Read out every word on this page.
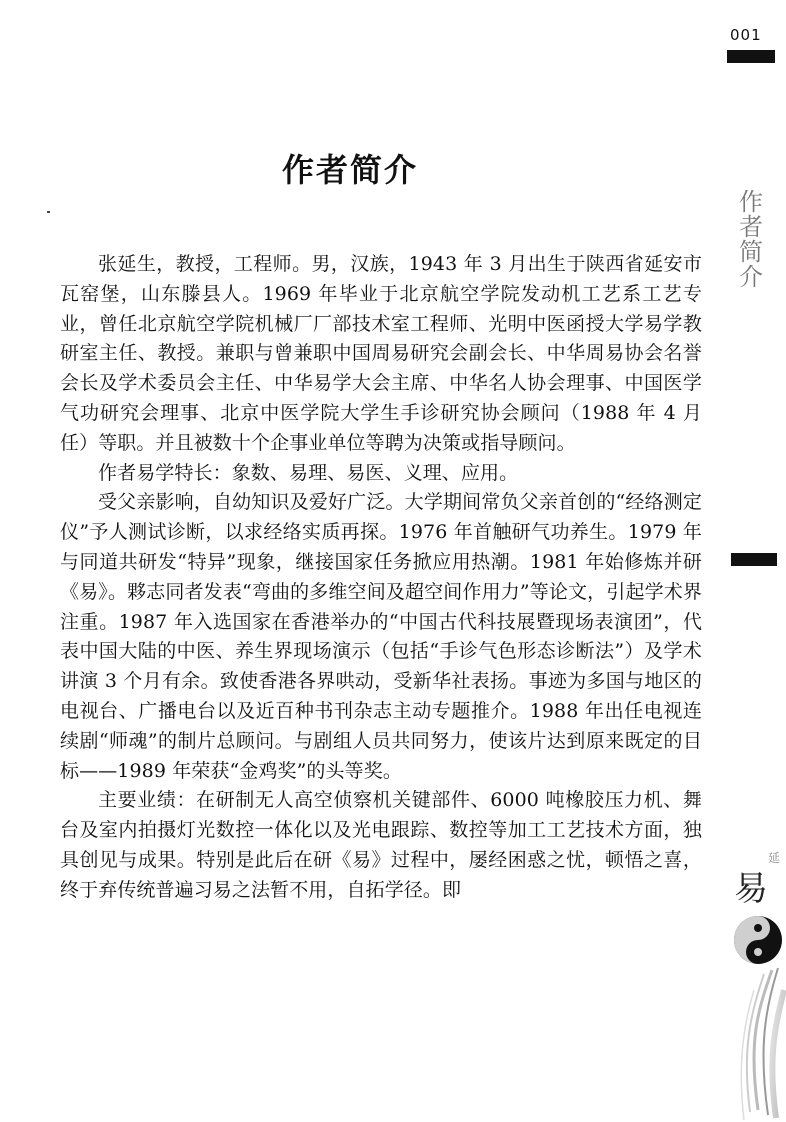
001
作
者
简
介
作者简介

张延生，教授，工程师。男，汉族，1943 年 3 月出生于陕西省延安市瓦窑堡，山东滕县人。1969 年毕业于北京航空学院发动机工艺系工艺专业，曾任北京航空学院机械厂厂部技术室工程师、光明中医函授大学易学教研室主任、教授。兼职与曾兼职中国周易研究会副会长、中华周易协会名誉会长及学术委员会主任、中华易学大会主席、中华名人协会理事、中国医学气功研究会理事、北京中医学院大学生手诊研究协会顾问（1988 年 4 月任）等职。并且被数十个企事业单位等聘为决策或指导顾问。

作者易学特长：象数、易理、易医、义理、应用。

受父亲影响，自幼知识及爱好广泛。大学期间常负父亲首创的“经络测定仪”予人测试诊断，以求经络实质再探。1976 年首触研气功养生。1979 年与同道共研发“特异”现象，继接国家任务掀应用热潮。1981 年始修炼并研《易》。夥志同者发表“弯曲的多维空间及超空间作用力”等论文，引起学术界注重。1987 年入选国家在香港举办的“中国古代科技展暨现场表演团”，代表中国大陆的中医、养生界现场演示（包括“手诊气色形态诊断法”）及学术讲演 3 个月有余。致使香港各界哄动，受新华社表扬。事迹为多国与地区的电视台、广播电台以及近百种书刊杂志主动专题推介。1988 年出任电视连续剧“师魂”的制片总顾问。与剧组人员共同努力，使该片达到原来既定的目标——1989 年荣获“金鸡奖”的头等奖。

主要业绩：在研制无人高空侦察机关键部件、6000 吨橡胶压力机、舞台及室内拍摄灯光数控一体化以及光电跟踪、数控等加工工艺技术方面，独具创见与成果。特别是此后在研《易》过程中，屡经困惑之忧，顿悟之喜，终于弃传统普遍习易之法暂不用，自拓学径。即

延
易
